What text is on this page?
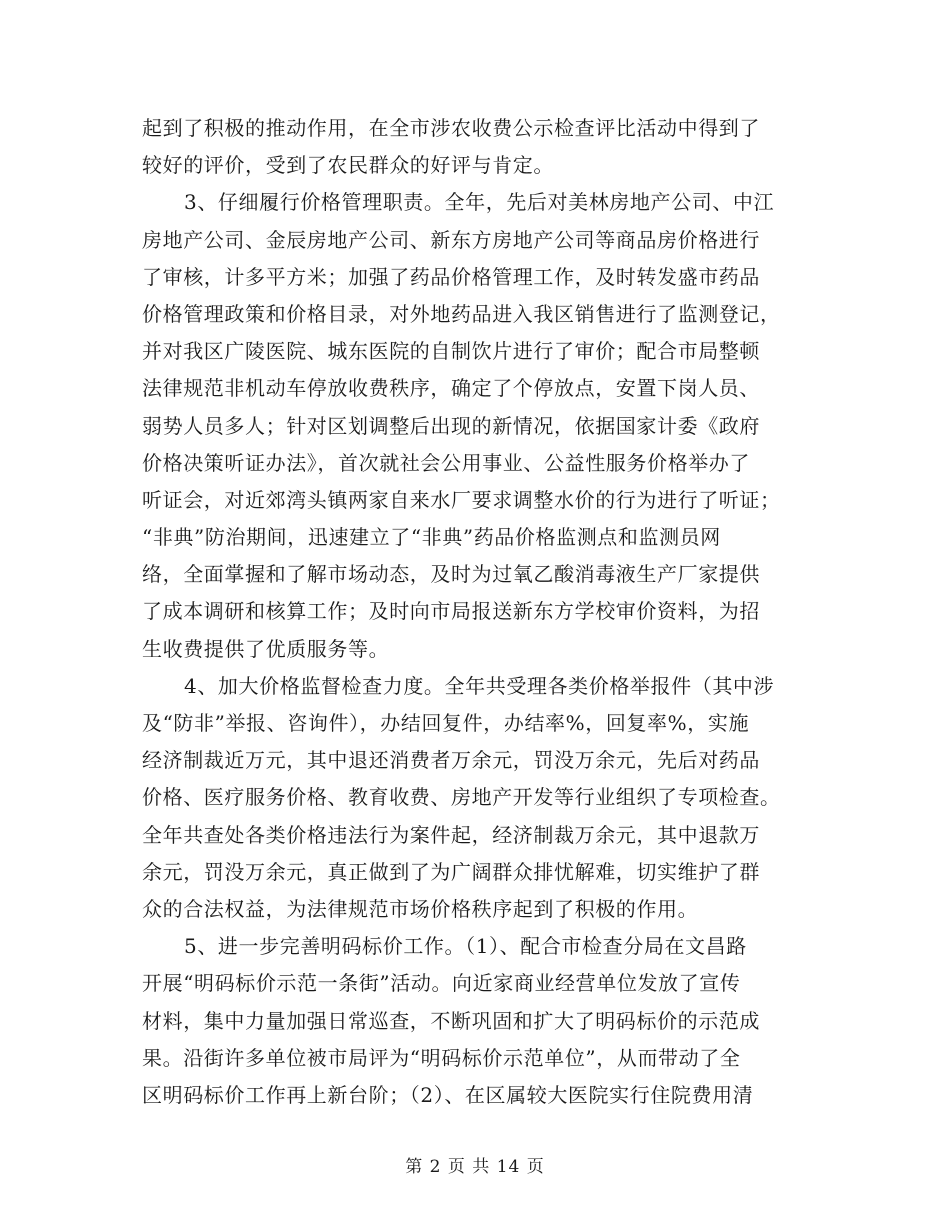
起到了积极的推动作用，在全市涉农收费公示检查评比活动中得到了
较好的评价，受到了农民群众的好评与肯定。
3、仔细履行价格管理职责。全年，先后对美林房地产公司、中江
房地产公司、金辰房地产公司、新东方房地产公司等商品房价格进行
了审核，计多平方米；加强了药品价格管理工作，及时转发盛市药品
价格管理政策和价格目录，对外地药品进入我区销售进行了监测登记，
并对我区广陵医院、城东医院的自制饮片进行了审价；配合市局整顿
法律规范非机动车停放收费秩序，确定了个停放点，安置下岗人员、
弱势人员多人；针对区划调整后出现的新情况，依据国家计委《政府
价格决策听证办法》，首次就社会公用事业、公益性服务价格举办了
听证会，对近郊湾头镇两家自来水厂要求调整水价的行为进行了听证；
“非典”防治期间，迅速建立了“非典”药品价格监测点和监测员网
络，全面掌握和了解市场动态，及时为过氧乙酸消毒液生产厂家提供
了成本调研和核算工作；及时向市局报送新东方学校审价资料，为招
生收费提供了优质服务等。
4、加大价格监督检查力度。全年共受理各类价格举报件（其中涉
及“防非”举报、咨询件），办结回复件，办结率%，回复率%，实施
经济制裁近万元，其中退还消费者万余元，罚没万余元，先后对药品
价格、医疗服务价格、教育收费、房地产开发等行业组织了专项检查。
全年共查处各类价格违法行为案件起，经济制裁万余元，其中退款万
余元，罚没万余元，真正做到了为广阔群众排忧解难，切实维护了群
众的合法权益，为法律规范市场价格秩序起到了积极的作用。
5、进一步完善明码标价工作。（1）、配合市检查分局在文昌路
开展“明码标价示范一条街”活动。向近家商业经营单位发放了宣传
材料，集中力量加强日常巡查，不断巩固和扩大了明码标价的示范成
果。沿街许多单位被市局评为“明码标价示范单位”，从而带动了全
区明码标价工作再上新台阶；（2）、在区属较大医院实行住院费用清
第 2 页 共 14 页
